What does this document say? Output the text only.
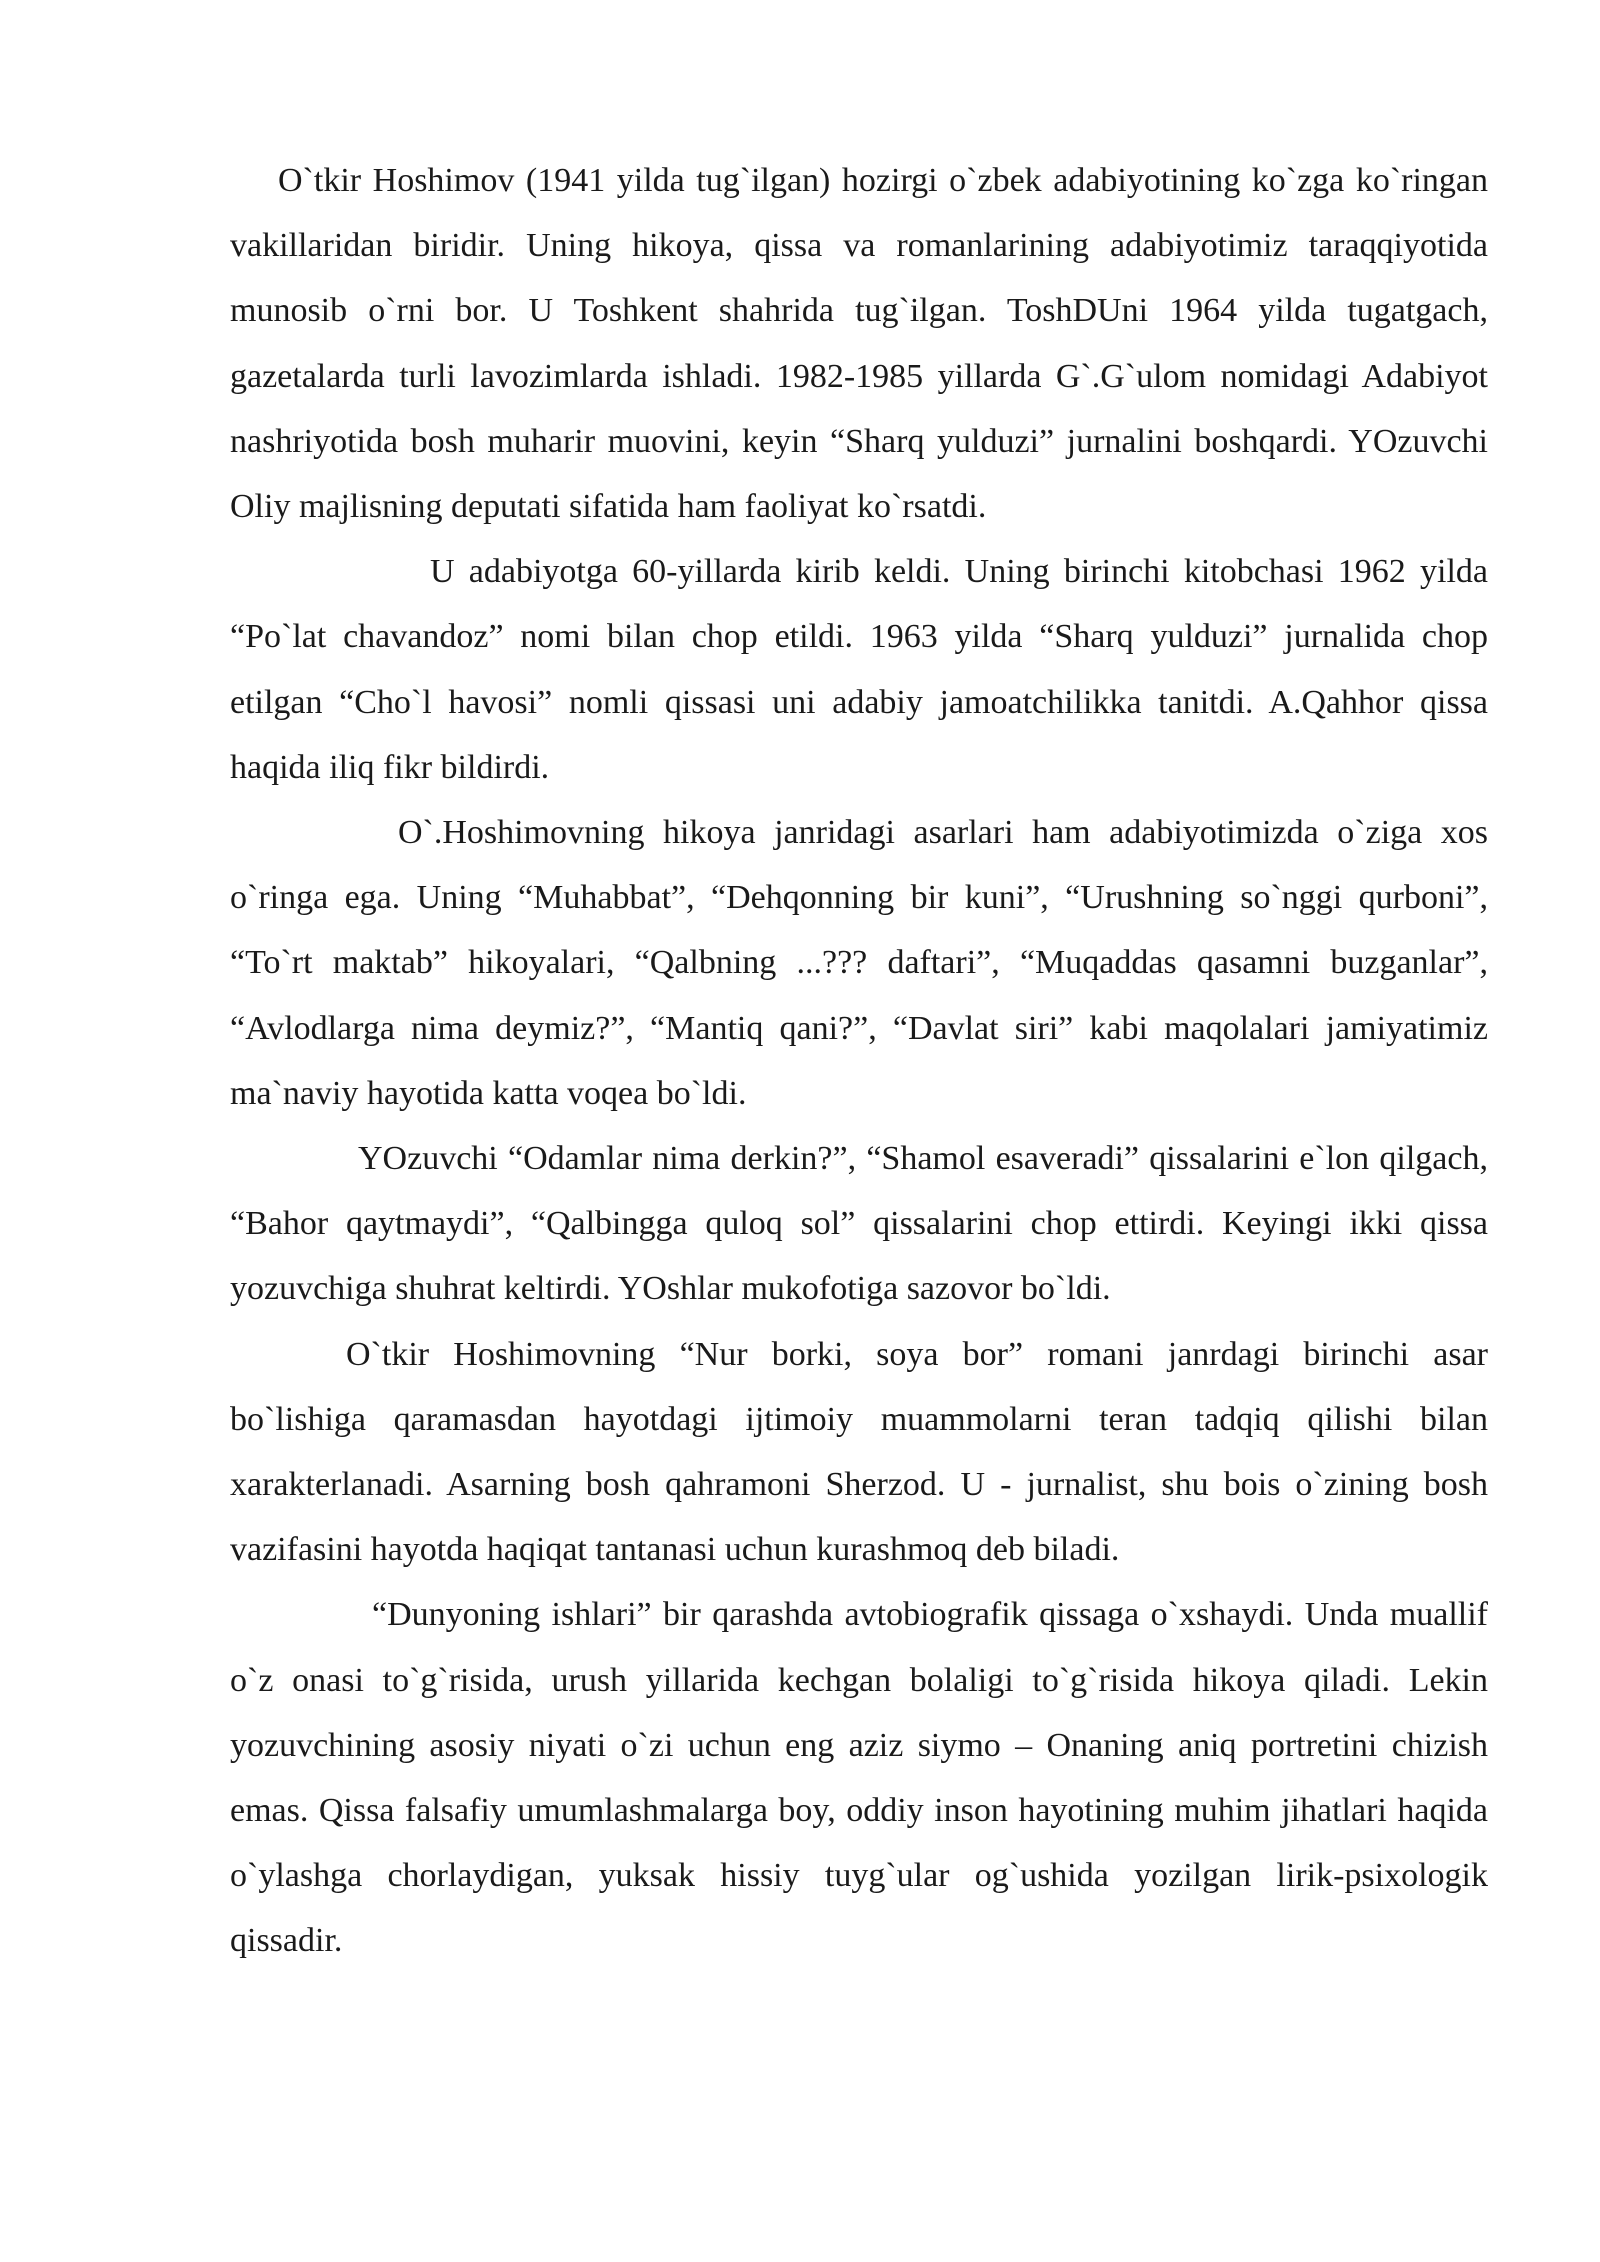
O`tkir Hoshimov (1941 yilda tug`ilgan) hozirgi o`zbek adabiyotining ko`zga ko`ringan vakillaridan biridir. Uning hikoya, qissa va romanlarining adabiyotimiz taraqqiyotida munosib o`rni bor. U Toshkent shahrida tug`ilgan. ToshDUni 1964 yilda tugatgach, gazetalarda turli lavozimlarda ishladi. 1982-1985 yillarda G`.G`ulom nomidagi Adabiyot nashriyotida bosh muharir muovini, keyin “Sharq yulduzi” jurnalini boshqardi. YOzuvchi Oliy majlisning deputati sifatida ham faoliyat ko`rsatdi.

U adabiyotga 60-yillarda kirib keldi. Uning birinchi kitobchasi 1962 yilda “Po`lat chavandoz” nomi bilan chop etildi. 1963 yilda “Sharq yulduzi” jurnalida chop etilgan “Cho`l havosi” nomli qissasi uni adabiy jamoatchilikka tanitdi. A.Qahhor qissa haqida iliq fikr bildirdi.

O`.Hoshimovning hikoya janridagi asarlari ham adabiyotimizda o`ziga xos o`ringa ega. Uning “Muhabbat”, “Dehqonning bir kuni”, “Urushning so`nggi qurboni”, “To`rt maktab” hikoyalari, “Qalbning ...??? daftari”, “Muqaddas qasamni buzganlar”, “Avlodlarga nima deymiz?”, “Mantiq qani?”, “Davlat siri” kabi maqolalari jamiyatimiz ma`naviy hayotida katta voqea bo`ldi.

YOzuvchi “Odamlar nima derkin?”, “Shamol esaveradi” qissalarini e`lon qilgach, “Bahor qaytmaydi”, “Qalbingga quloq sol” qissalarini chop ettirdi. Keyingi ikki qissa yozuvchiga shuhrat keltirdi. YOshlar mukofotiga sazovor bo`ldi.

O`tkir Hoshimovning “Nur borki, soya bor” romani janrdagi birinchi asar bo`lishiga qaramasdan hayotdagi ijtimoiy muammolarni teran tadqiq qilishi bilan xarakterlanadi. Asarning bosh qahramoni Sherzod. U - jurnalist, shu bois o`zining bosh vazifasini hayotda haqiqat tantanasi uchun kurashmoq deb biladi.

“Dunyoning ishlari” bir qarashda avtobiografik qissaga o`xshaydi. Unda muallif o`z onasi to`g`risida, urush yillarida kechgan bolaligi to`g`risida hikoya qiladi. Lekin yozuvchining asosiy niyati o`zi uchun eng aziz siymo – Onaning aniq portretini chizish emas. Qissa falsafiy umumlashmalarga boy, oddiy inson hayotining muhim jihatlari haqida o`ylashga chorlaydigan, yuksak hissiy tuyg`ular og`ushida yozilgan lirik-psixologik qissadir.
